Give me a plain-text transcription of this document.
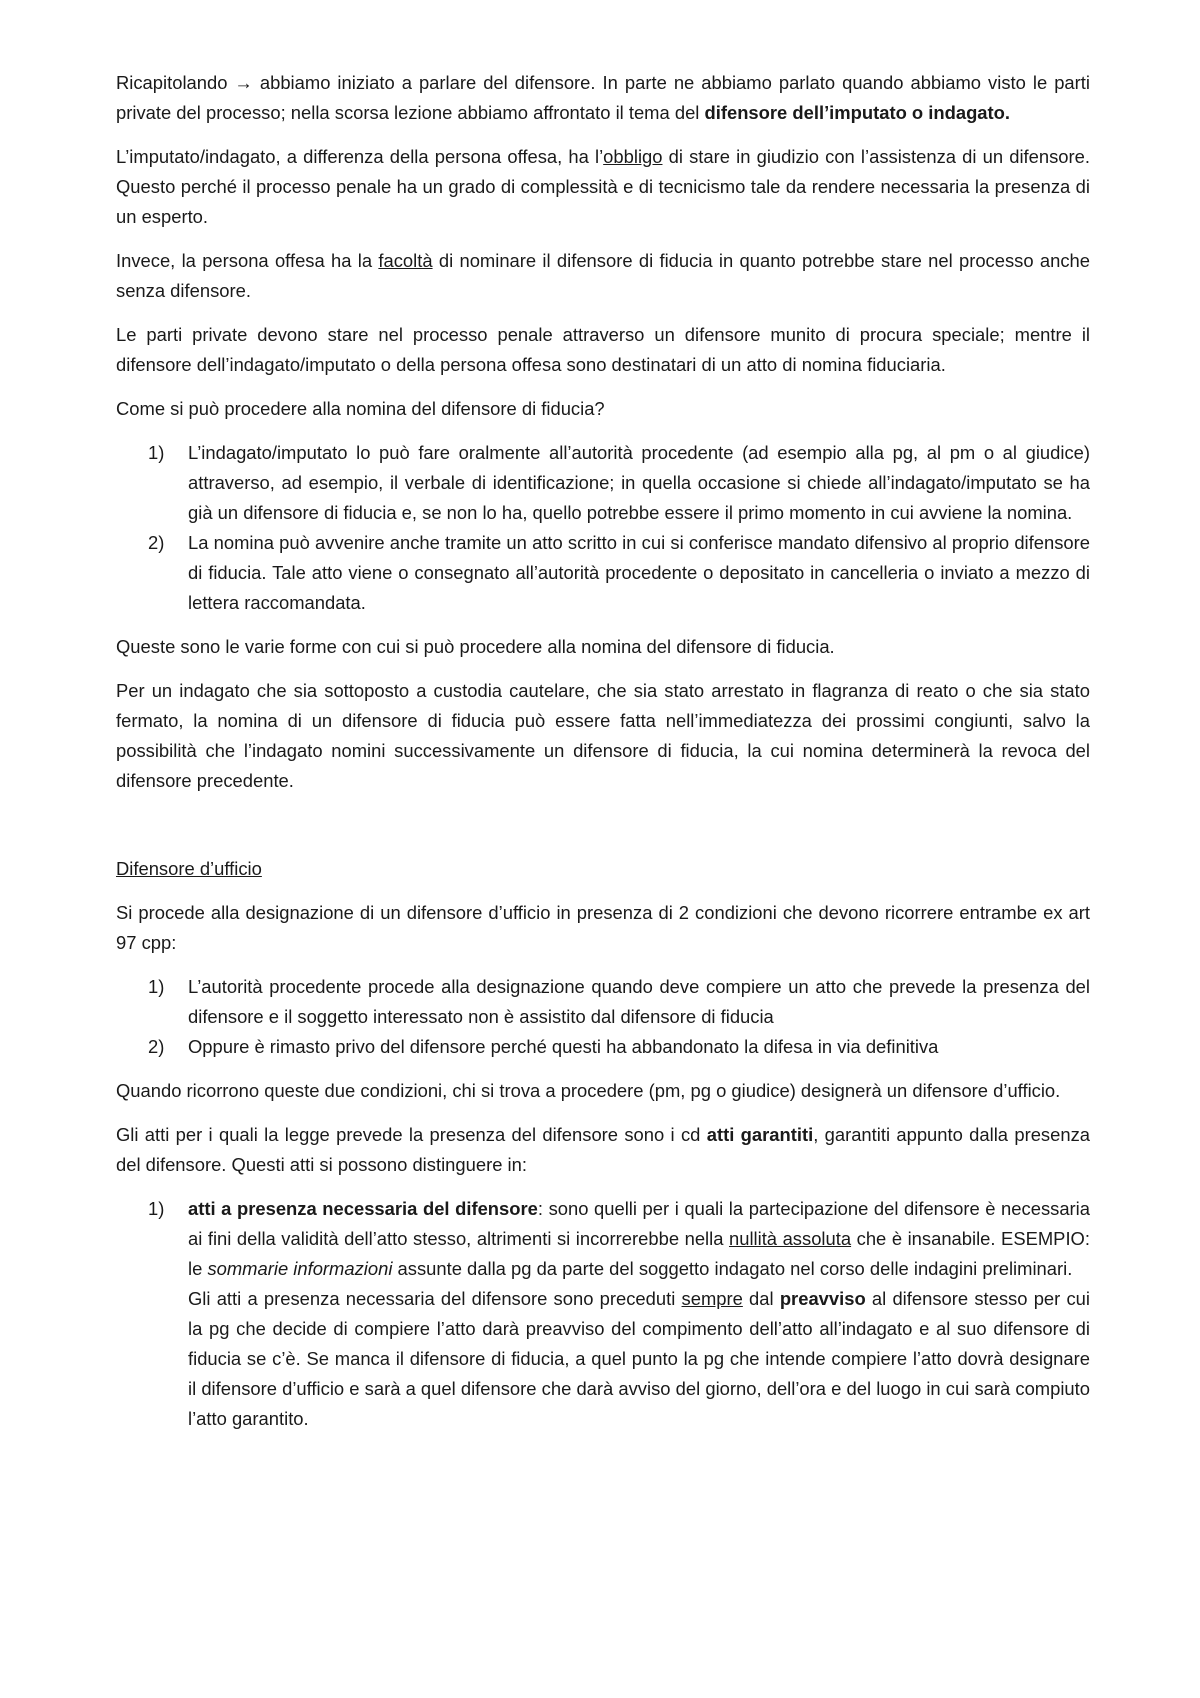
Ricapitolando → abbiamo iniziato a parlare del difensore. In parte ne abbiamo parlato quando abbiamo visto le parti private del processo; nella scorsa lezione abbiamo affrontato il tema del difensore dell’imputato o indagato.

L’imputato/indagato, a differenza della persona offesa, ha l’obbligo di stare in giudizio con l’assistenza di un difensore. Questo perché il processo penale ha un grado di complessità e di tecnicismo tale da rendere necessaria la presenza di un esperto.

Invece, la persona offesa ha la facoltà di nominare il difensore di fiducia in quanto potrebbe stare nel processo anche senza difensore.

Le parti private devono stare nel processo penale attraverso un difensore munito di procura speciale; mentre il difensore dell’indagato/imputato o della persona offesa sono destinatari di un atto di nomina fiduciaria.

Come si può procedere alla nomina del difensore di fiducia?

1) L’indagato/imputato lo può fare oralmente all’autorità procedente (ad esempio alla pg, al pm o al giudice) attraverso, ad esempio, il verbale di identificazione; in quella occasione si chiede all’indagato/imputato se ha già un difensore di fiducia e, se non lo ha, quello potrebbe essere il primo momento in cui avviene la nomina.
2) La nomina può avvenire anche tramite un atto scritto in cui si conferisce mandato difensivo al proprio difensore di fiducia. Tale atto viene o consegnato all’autorità procedente o depositato in cancelleria o inviato a mezzo di lettera raccomandata.

Queste sono le varie forme con cui si può procedere alla nomina del difensore di fiducia.

Per un indagato che sia sottoposto a custodia cautelare, che sia stato arrestato in flagranza di reato o che sia stato fermato, la nomina di un difensore di fiducia può essere fatta nell’immediatezza dei prossimi congiunti, salvo la possibilità che l’indagato nomini successivamente un difensore di fiducia, la cui nomina determinerà la revoca del difensore precedente.

Difensore d’ufficio

Si procede alla designazione di un difensore d’ufficio in presenza di 2 condizioni che devono ricorrere entrambe ex art 97 cpp:

1) L’autorità procedente procede alla designazione quando deve compiere un atto che prevede la presenza del difensore e il soggetto interessato non è assistito dal difensore di fiducia
2) Oppure è rimasto privo del difensore perché questi ha abbandonato la difesa in via definitiva

Quando ricorrono queste due condizioni, chi si trova a procedere (pm, pg o giudice) designerà un difensore d’ufficio.

Gli atti per i quali la legge prevede la presenza del difensore sono i cd atti garantiti, garantiti appunto dalla presenza del difensore. Questi atti si possono distinguere in:

1) atti a presenza necessaria del difensore: sono quelli per i quali la partecipazione del difensore è necessaria ai fini della validità dell’atto stesso, altrimenti si incorrerebbe nella nullità assoluta che è insanabile. ESEMPIO: le sommarie informazioni assunte dalla pg da parte del soggetto indagato nel corso delle indagini preliminari.
Gli atti a presenza necessaria del difensore sono preceduti sempre dal preavviso al difensore stesso per cui la pg che decide di compiere l’atto darà preavviso del compimento dell’atto all’indagato e al suo difensore di fiducia se c’è. Se manca il difensore di fiducia, a quel punto la pg che intende compiere l’atto dovrà designare il difensore d’ufficio e sarà a quel difensore che darà avviso del giorno, dell’ora e del luogo in cui sarà compiuto l’atto garantito.
